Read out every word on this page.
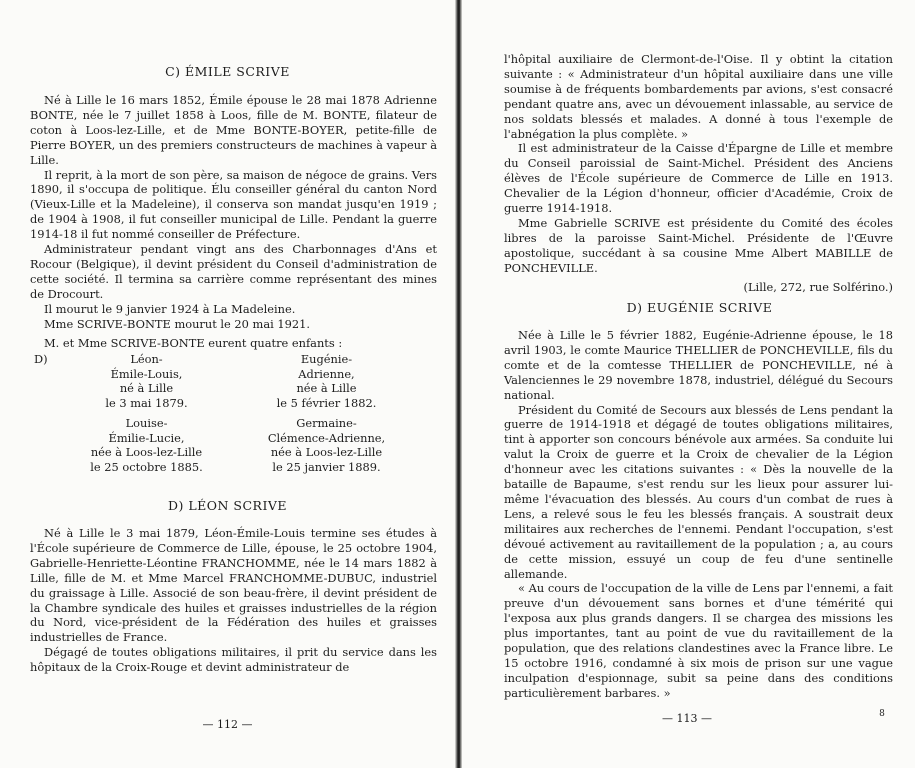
C) ÉMILE SCRIVE

Né à Lille le 16 mars 1852, Émile épouse le 28 mai 1878 Adrienne BONTE, née le 7 juillet 1858 à Loos, fille de M. BONTE, filateur de coton à Loos-lez-Lille, et de Mme BONTE-BOYER, petite-fille de Pierre BOYER, un des premiers constructeurs de machines à vapeur à Lille.

Il reprit, à la mort de son père, sa maison de négoce de grains. Vers 1890, il s'occupa de politique. Élu conseiller général du canton Nord (Vieux-Lille et la Madeleine), il conserva son mandat jusqu'en 1919 ; de 1904 à 1908, il fut conseiller municipal de Lille. Pendant la guerre 1914-18 il fut nommé conseiller de Préfecture.

Administrateur pendant vingt ans des Charbonnages d'Ans et Rocour (Belgique), il devint président du Conseil d'administration de cette société. Il termina sa carrière comme représentant des mines de Drocourt.

Il mourut le 9 janvier 1924 à La Madeleine.

Mme SCRIVE-BONTE mourut le 20 mai 1921.

M. et Mme SCRIVE-BONTE eurent quatre enfants :

D)	Léon-
Émile-Louis,
né à Lille
le 3 mai 1879.
Eugénie-
Adrienne,
née à Lille
le 5 février 1882.
Louise-
Émilie-Lucie,
née à Loos-lez-Lille
le 25 octobre 1885.
Germaine-
Clémence-Adrienne,
née à Loos-lez-Lille
le 25 janvier 1889.
D) LÉON SCRIVE

Né à Lille le 3 mai 1879, Léon-Émile-Louis termine ses études à l'École supérieure de Commerce de Lille, épouse, le 25 octobre 1904, Gabrielle-Henriette-Léontine FRANCHOMME, née le 14 mars 1882 à Lille, fille de M. et Mme Marcel FRANCHOMME-DUBUC, industriel du graissage à Lille. Associé de son beau-frère, il devint président de la Chambre syndicale des huiles et graisses industrielles de la région du Nord, vice-président de la Fédération des huiles et graisses industrielles de France.

Dégagé de toutes obligations militaires, il prit du service dans les hôpitaux de la Croix-Rouge et devint administrateur de

— 112 —

l'hôpital auxiliaire de Clermont-de-l'Oise. Il y obtint la citation suivante : « Administrateur d'un hôpital auxiliaire dans une ville soumise à de fréquents bombardements par avions, s'est consacré pendant quatre ans, avec un dévouement inlassable, au service de nos soldats blessés et malades. A donné à tous l'exemple de l'abnégation la plus complète. »

Il est administrateur de la Caisse d'Épargne de Lille et membre du Conseil paroissial de Saint-Michel. Président des Anciens élèves de l'École supérieure de Commerce de Lille en 1913. Chevalier de la Légion d'honneur, officier d'Académie, Croix de guerre 1914-1918.

Mme Gabrielle SCRIVE est présidente du Comité des écoles libres de la paroisse Saint-Michel. Présidente de l'Œuvre apostolique, succédant à sa cousine Mme Albert MABILLE de PONCHEVILLE.

(Lille, 272, rue Solférino.)

D) EUGÉNIE SCRIVE

Née à Lille le 5 février 1882, Eugénie-Adrienne épouse, le 18 avril 1903, le comte Maurice THELLIER de PONCHEVILLE, fils du comte et de la comtesse THELLIER de PONCHEVILLE, né à Valenciennes le 29 novembre 1878, industriel, délégué du Secours national.

Président du Comité de Secours aux blessés de Lens pendant la guerre de 1914-1918 et dégagé de toutes obligations militaires, tint à apporter son concours bénévole aux armées. Sa conduite lui valut la Croix de guerre et la Croix de chevalier de la Légion d'honneur avec les citations suivantes : « Dès la nouvelle de la bataille de Bapaume, s'est rendu sur les lieux pour assurer lui-même l'évacuation des blessés. Au cours d'un combat de rues à Lens, a relevé sous le feu les blessés français. A soustrait deux militaires aux recherches de l'ennemi. Pendant l'occupation, s'est dévoué activement au ravitaillement de la population ; a, au cours de cette mission, essuyé un coup de feu d'une sentinelle allemande.

« Au cours de l'occupation de la ville de Lens par l'ennemi, a fait preuve d'un dévouement sans bornes et d'une témérité qui l'exposa aux plus grands dangers. Il se chargea des missions les plus importantes, tant au point de vue du ravitaillement de la population, que des relations clandestines avec la France libre. Le 15 octobre 1916, condamné à six mois de prison sur une vague inculpation d'espionnage, subit sa peine dans des conditions particulièrement barbares. »

— 113 —	8
